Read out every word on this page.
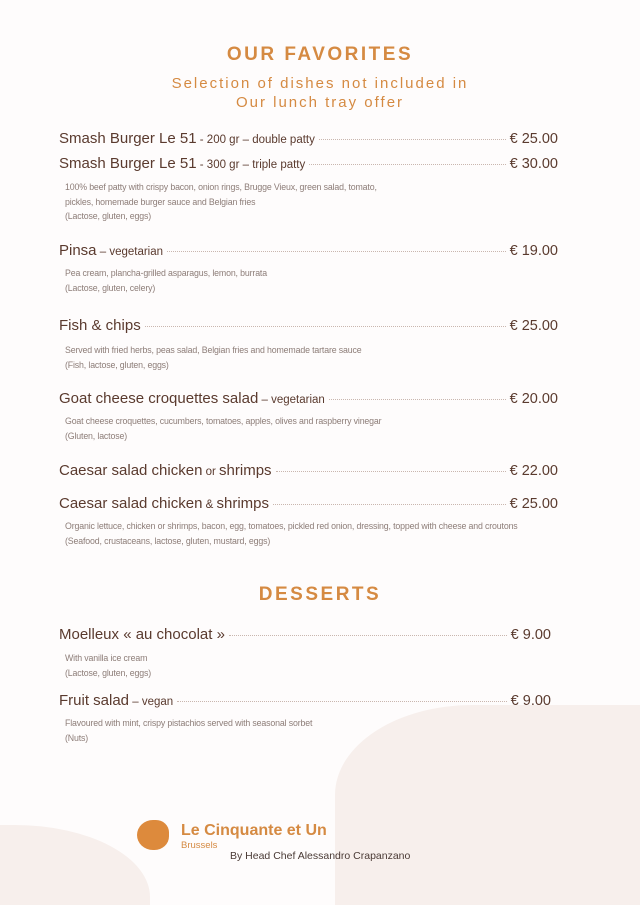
OUR FAVORITES
Selection of dishes not included in
Our lunch tray offer
Smash Burger Le 51 - 200 gr – double patty	€ 25.00
Smash Burger Le 51 - 300 gr – triple patty	€ 30.00
100% beef patty with crispy bacon, onion rings, Brugge Vieux, green salad, tomato,
pickles, homemade burger sauce and Belgian fries
(Lactose, gluten, eggs)
Pinsa – vegetarian	€ 19.00
Pea cream, plancha-grilled asparagus, lemon, burrata
(Lactose, gluten, celery)
Fish & chips	€ 25.00
Served with fried herbs, peas salad, Belgian fries and homemade tartare sauce
(Fish, lactose, gluten, eggs)
Goat cheese croquettes salad – vegetarian	€ 20.00
Goat cheese croquettes, cucumbers, tomatoes, apples, olives and raspberry vinegar
(Gluten, lactose)
Caesar salad chicken or shrimps	€ 22.00
Caesar salad chicken & shrimps	€ 25.00
Organic lettuce, chicken or shrimps, bacon, egg, tomatoes, pickled red onion, dressing, topped with cheese and croutons
(Seafood, crustaceans, lactose, gluten, mustard, eggs)
DESSERTS
Moelleux « au chocolat »	€ 9.00
With vanilla ice cream
(Lactose, gluten, eggs)
Fruit salad – vegan	€ 9.00
Flavoured with mint, crispy pistachios served with seasonal sorbet
(Nuts)
Le Cinquante et Un
Brussels
By Head Chef Alessandro Crapanzano
